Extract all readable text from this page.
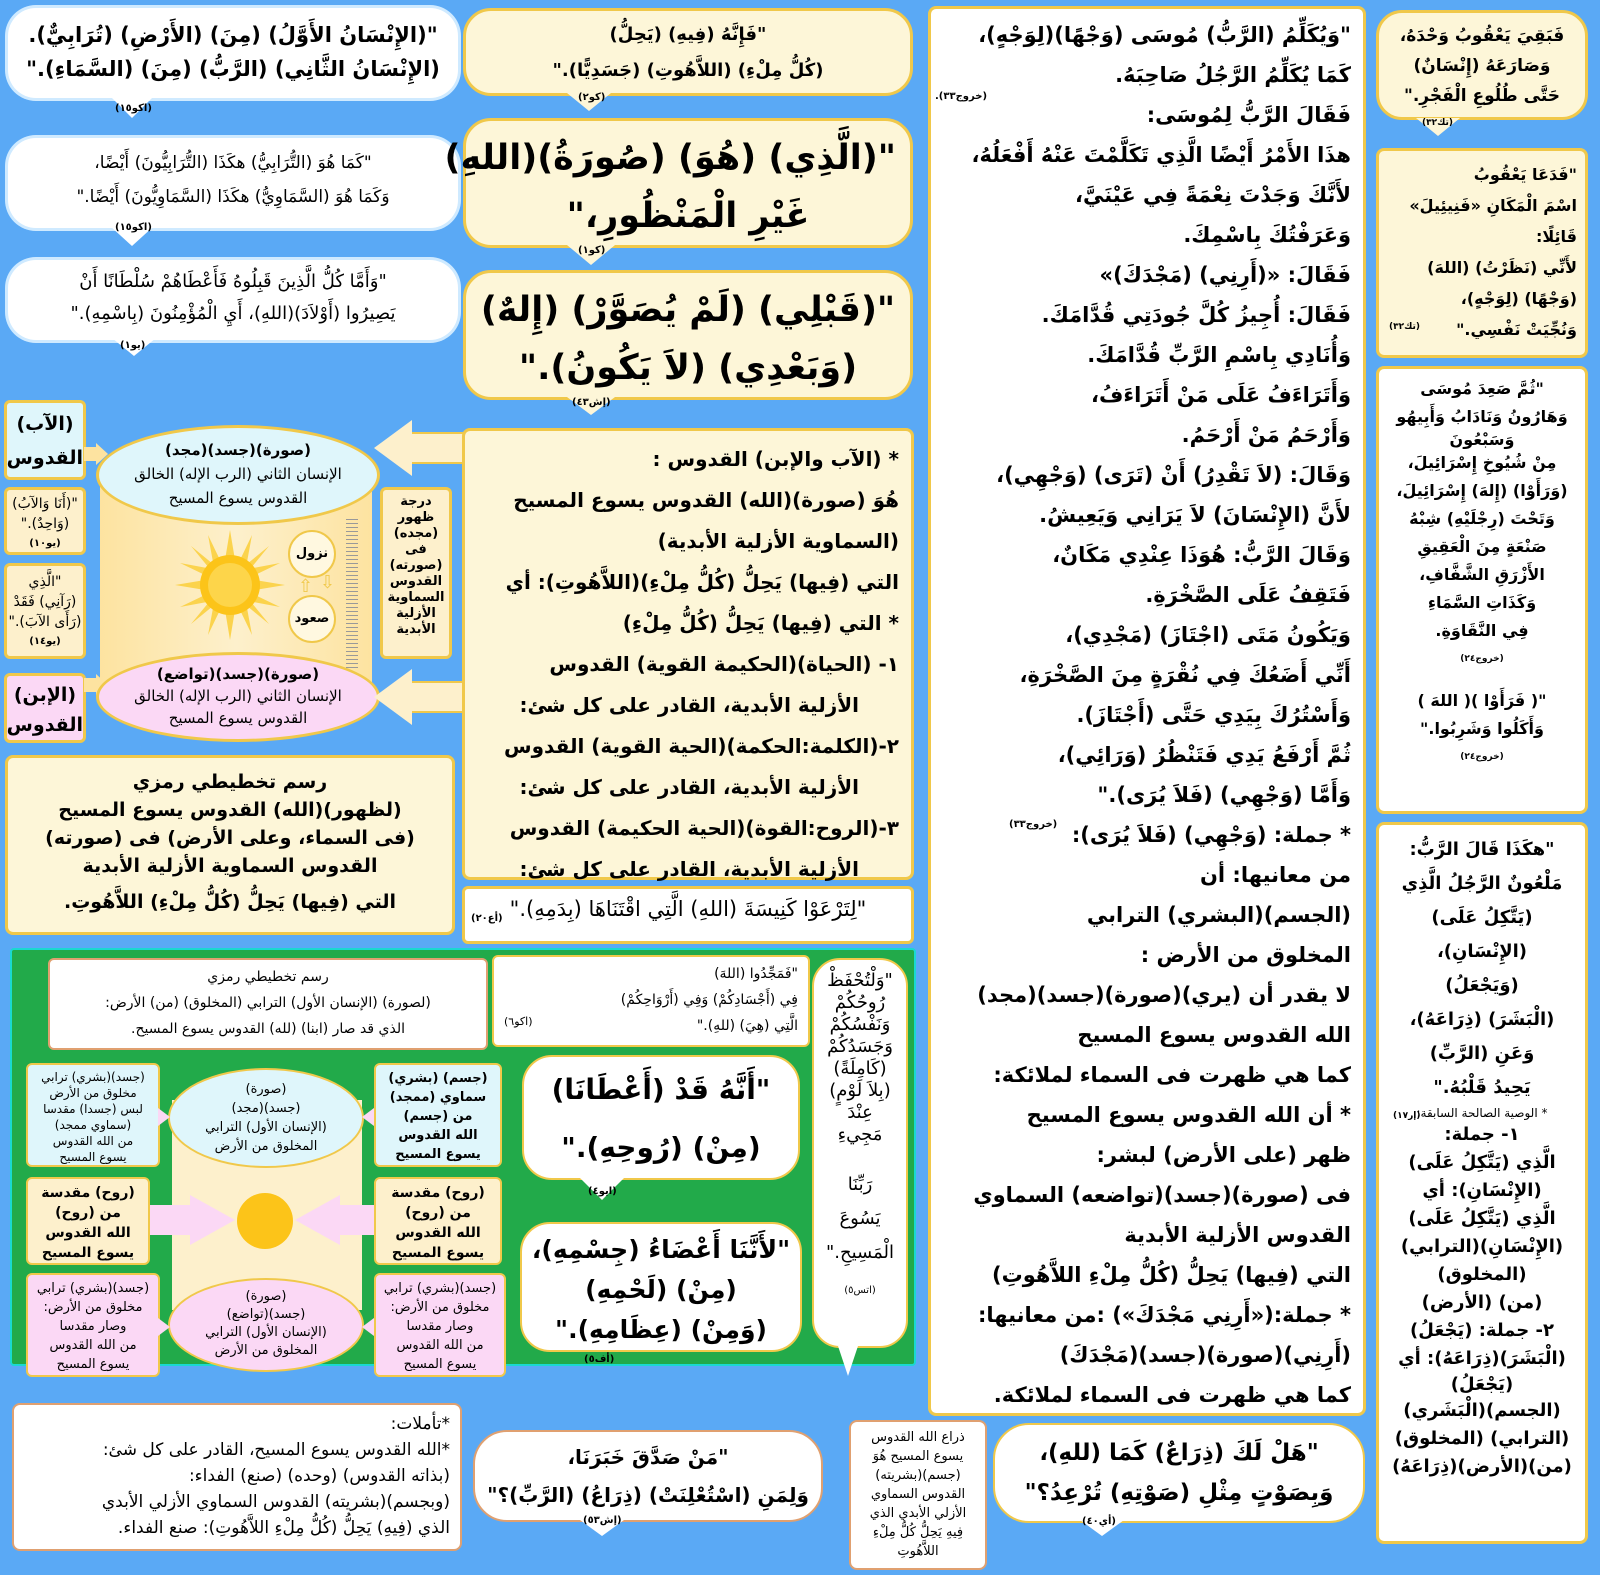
"(الإِنْسَانُ الأَوَّلُ) (مِنَ) (الأَرْضِ) (تُرَابِيٌّ).
(الإِنْسَانُ الثَّانِي) (الرَّبُّ) (مِنَ) (السَّمَاءِ)."
(اكو١٥)
"كَمَا هُوَ (التُّرَابِيُّ) هكَذَا (التُّرَابِيُّونَ) أَيْضًا،
وَكَمَا هُوَ (السَّمَاوِيُّ) هكَذَا (السَّمَاوِيُّونَ) أَيْضًا."
(اكو١٥)
"وَأَمَّا كُلُّ الَّذِينَ قَبِلُوهُ فَأَعْطَاهُمْ سُلْطَانًا أَنْ
يَصِيرُوا (أَوْلاَدَ)(اللهِ)، أَيِ الْمُؤْمِنُونَ (بِاسْمِهِ)."
(يو١)
"فَإِنَّهُ (فِيهِ) (يَحِلُّ)
(كُلُّ مِلْءِ) (اللاَّهُوتِ) (جَسَدِيًّا)."
(كو٢)
"(الَّذِي) (هُوَ) (صُورَةُ)(اللهِ)
غَيْرِ الْمَنْظُورِ،"
(كو١)
"(قَبْلِي) (لَمْ يُصَوَّرْ) (إِلهٌ)
(وَبَعْدِي) (لاَ يَكُونُ)."
(إش٤٣)
(الآب)
القدوس
"(أَنَا وَالآبُ)
(وَاحِدٌ)."
(يو١٠)
"الَّذِي
(رَآنِي) فَقَدْ
(رَأَى الآبَ)."
(يو١٤)
(الإبن)
القدوس
(صورة)(جسد)(مجد)
الإنسان الثاني (الرب الإله) الخالق
القدوس يسوع المسيح
(صورة)(جسد)(تواضع)
الإنسان الثاني (الرب الإله) الخالق
القدوس يسوع المسيح
نزول
صعود
⇩
⇧
درجة
ظهور
(مجده)
فى
(صورته)
القدوس
السماوية
الأزلية
الأبدية
رسم تخطيطي رمزي
(لظهور)(الله) القدوس يسوع المسيح
(فى السماء، وعلى الأرض) فى (صورته)
القدوس السماوية الأزلية الأبدية
التي (فِيها) يَحِلُّ (كُلُّ مِلْءِ) اللاَّهُوتِ.
* (الآب والإبن) القدوس :
هُوَ (صورة)(الله) القدوس يسوع المسيح
(السماوية الأزلية الأبدية)
التي (فِيها) يَحِلُّ (كُلُّ مِلْءِ)(اللاَّهُوتِ): أي
* التي (فِيها) يَحِلُّ (كُلُّ مِلْءِ)
١- (الحياة)(الحكيمة القوية) القدوس
الأزلية الأبدية، القادر على كل شئ:
٢-(الكلمة:الحكمة)(الحية القوية) القدوس
الأزلية الأبدية، القادر على كل شئ:
٣-(الروح:القوة)(الحية الحكيمة) القدوس
الأزلية الأبدية، القادر على كل شئ:
"لِتَرْعَوْا كَنِيسَةَ (اللهِ) الَّتِي اقْتَنَاهَا (بِدَمِهِ)."
(أع٢٠)
رسم تخطيطي رمزي
(لصورة) (الإنسان الأول) الترابي (المخلوق) (من) الأرض:
الذي قد صار (ابنا) (لله) القدوس يسوع المسيح.
"فَمَجِّدُوا (اللهَ)
فِي (أَجْسَادِكُمْ) وَفِي (أَرْوَاحِكُمْ)
الَّتِي (هِيَ) (للهِ)."
(اكو٦)
(جسد)(بشري) ترابي
مخلوق من الأرض
لبس (جسدا) مقدسا
(سماوي ممجد)
من الله القدوس
يسوع المسيح
(روح) مقدسة
من (روح)
الله القدوس
يسوع المسيح
(جسد)(بشري) ترابي
مخلوق من الأرض:
وصار مقدسا
من الله القدوس
يسوع المسيح
(صورة)
(جسد)(مجد)
(الإنسان الأول) الترابي
المخلوق من الأرض
(صورة)
(جسد)(تواضع)
(الإنسان الأول) الترابي
المخلوق من الأرض
(جسم) (بشري)
سماوي (ممجد)
من (جسم)
الله القدوس
يسوع المسيح
(روح) مقدسة
من (روح)
الله القدوس
يسوع المسيح
(جسد)(بشري) ترابي
مخلوق من الأرض:
وصار مقدسا
من الله القدوس
يسوع المسيح
"أَنَّهُ قَدْ (أَعْطَانَا)
(مِنْ) (رُوحِهِ)."
(ايو٤)
"لأَنَّنَا أَعْضَاءُ (جِسْمِهِ)،
(مِنْ) (لَحْمِهِ)
(وَمِنْ) (عِظَامِهِ)."
(أف٥)
"وَلْتُحْفَظْ
رُوحُكُمْ
وَنَفْسُكُمْ
وَجَسَدُكُمْ
(كَامِلَةً)
(بِلاَ لَوْمٍ)
عِنْدَ
مَجِيءِ
رَبِّنَا
يَسُوعَ
الْمَسِيحِ."
(اتس٥)
*تأملات:
*الله القدوس يسوع المسيح، القادر على كل شئ:
(بذاته القدوس) (وحده) (صنع) الفداء:
(وبجسم)(بشريته) القدوس السماوي الأزلي الأبدي
الذي (فِيهِ) يَحِلُّ (كُلُّ مِلْءِ اللاَّهُوتِ): صنع الفداء.
"مَنْ صَدَّقَ خَبَرَنَا،
وَلِمَنِ (اسْتُعْلِنَتْ) (ذِرَاعُ) (الرَّبِّ)؟"
(إش٥٣)
ذراع الله القدوس
يسوع المسيح هُوَ
(جسم)(بشريته)
القدوس السماوي
الأزلي الأبدي الذي
فِيهِ يَحِلُّ كُلُّ مِلْءِ
اللاَّهُوتِ
"هَلْ لَكَ (ذِرَاعٌ) كَمَا (للهِ)،
وَبِصَوْتٍ مِثْلِ (صَوْتِهِ) تُرْعِدُ؟"
(أي٤٠)
"وَيُكَلِّمُ (الرَّبُّ) مُوسَى (وَجْهًا)(لِوَجْهٍ)،
كَمَا يُكَلِّمُ الرَّجُلُ صَاحِبَهُ.
فَقَالَ الرَّبُّ لِمُوسَى:
هذَا الأَمْرُ أَيْضًا الَّذِي تَكَلَّمْتَ عَنْهُ أَفْعَلُهُ،
لأَنَّكَ وَجَدْتَ نِعْمَةً فِي عَيْنَيَّ،
وَعَرَفْتُكَ بِاسْمِكَ.
فَقَالَ: «(أَرِنِي) (مَجْدَكَ)»
فَقَالَ: أُجِيزُ كُلَّ جُودَتِي قُدَّامَكَ.
وَأُنَادِي بِاسْمِ الرَّبِّ قُدَّامَكَ.
وَأَتَرَاءَفُ عَلَى مَنْ أَتَرَاءَفُ،
وَأَرْحَمُ مَنْ أَرْحَمُ.
وَقَالَ: (لاَ تَقْدِرُ) أَنْ (تَرَى) (وَجْهِي)،
لأَنَّ (الإِنْسَانَ) لاَ يَرَانِي وَيَعِيشُ.
وَقَالَ الرَّبُّ: هُوَذَا عِنْدِي مَكَانٌ،
فَتَقِفُ عَلَى الصَّخْرَةِ.
وَيَكُونُ مَتَى (اجْتَازَ) (مَجْدِي)،
أَنِّي أَضَعُكَ فِي نُقْرَةٍ مِنَ الصَّخْرَةِ،
وَأَسْتُرُكَ بِيَدِي حَتَّى (أَجْتَازَ).
ثُمَّ أَرْفَعُ يَدِي فَتَنْظُرُ (وَرَائِي)،
وَأَمَّا (وَجْهِي) (فَلاَ يُرَى)."
* جملة: (وَجْهِي) (فَلاَ يُرَى):
من معانيها: أن
(الجسم)(البشري) الترابي
المخلوق من الأرض :
لا يقدر أن (يري)(صورة)(جسد)(مجد)
الله القدوس يسوع المسيح
كما هي ظهرت فى السماء لملائكة:
* أن الله القدوس يسوع المسيح
ظهر (على الأرض) لبشر:
فى (صورة)(جسد)(تواضعه) السماوي
القدوس الأزلية الأبدية
التي (فِيها) يَحِلُّ (كُلُّ مِلْءِ اللاَّهُوتِ)
* جملة:(«أَرِنِي مَجْدَكَ») :من معانيها:
(أَرِنِي)(صورة)(جسد)(مَجْدَكَ)
كما هي ظهرت فى السماء لملائكة.
(خروج٣٣).
(خروج٣٣)
فَبَقِيَ يَعْقُوبُ وَحْدَهُ،
وَصَارَعَهُ (إِنْسَانٌ)
حَتَّى طُلُوعِ الْفَجْرِ."
(تك٣٢)
"فَدَعَا يَعْقُوبُ
اسْمَ الْمَكَانِ «فَنِيئِيلَ»
قَائِلًا:
لأَنِّي (نَظَرْتُ) (اللهَ)
(وَجْهًا) (لِوَجْهٍ)،
وَنُجِّيَتْ نَفْسِي."
(تك٣٢)
"ثُمَّ صَعِدَ مُوسَى
وَهَارُونُ وَنَادَابُ وَأَبِيهُو
وَسَبْعُونَ
مِنْ شُيُوخِ إِسْرَائِيلَ،
(وَرَأَوْا) (إِلهَ) إِسْرَائِيلَ،
وَتَحْتَ (رِجْلَيْهِ) شِبْهُ
صَنْعَةٍ مِنَ الْعَقِيقِ
الأَزْرَقِ الشَّفَّافِ،
وَكَذَاتِ السَّمَاءِ
فِي النَّقَاوَةِ.
(خروج٢٤)
"( فَرَأَوْا )( اللهَ )
وَأَكَلُوا وَشَرِبُوا."
(خروج٢٤)
"هكَذَا قَالَ الرَّبُّ:
مَلْعُونٌ الرَّجُلُ الَّذِي
(يَتَّكِلُ عَلَى)
(الإِنْسَانِ)،
(وَيَجْعَلُ)
(الْبَشَرَ) (ذِرَاعَهُ)،
وَعَنِ (الرَّبِّ)
يَحِيدُ قَلْبُهُ."
(إر١٧)
* الوصية الصالحة السابقة:
١- جملة:
الَّذِي (يَتَّكِلُ عَلَى)
(الإِنْسَانِ): أي
الَّذِي (يَتَّكِلُ عَلَى)
(الإِنْسَانِ)(الترابي)
(المخلوق)
(من) (الأرض)
٢- جملة: (يَجْعَلُ)
(الْبَشَرَ)(ذِرَاعَهُ): أي
(يَجْعَلُ)
(الجسم)(الْبَشَري)
(الترابي) (المخلوق)
(من)(الأرض)(ذِرَاعَهُ)
